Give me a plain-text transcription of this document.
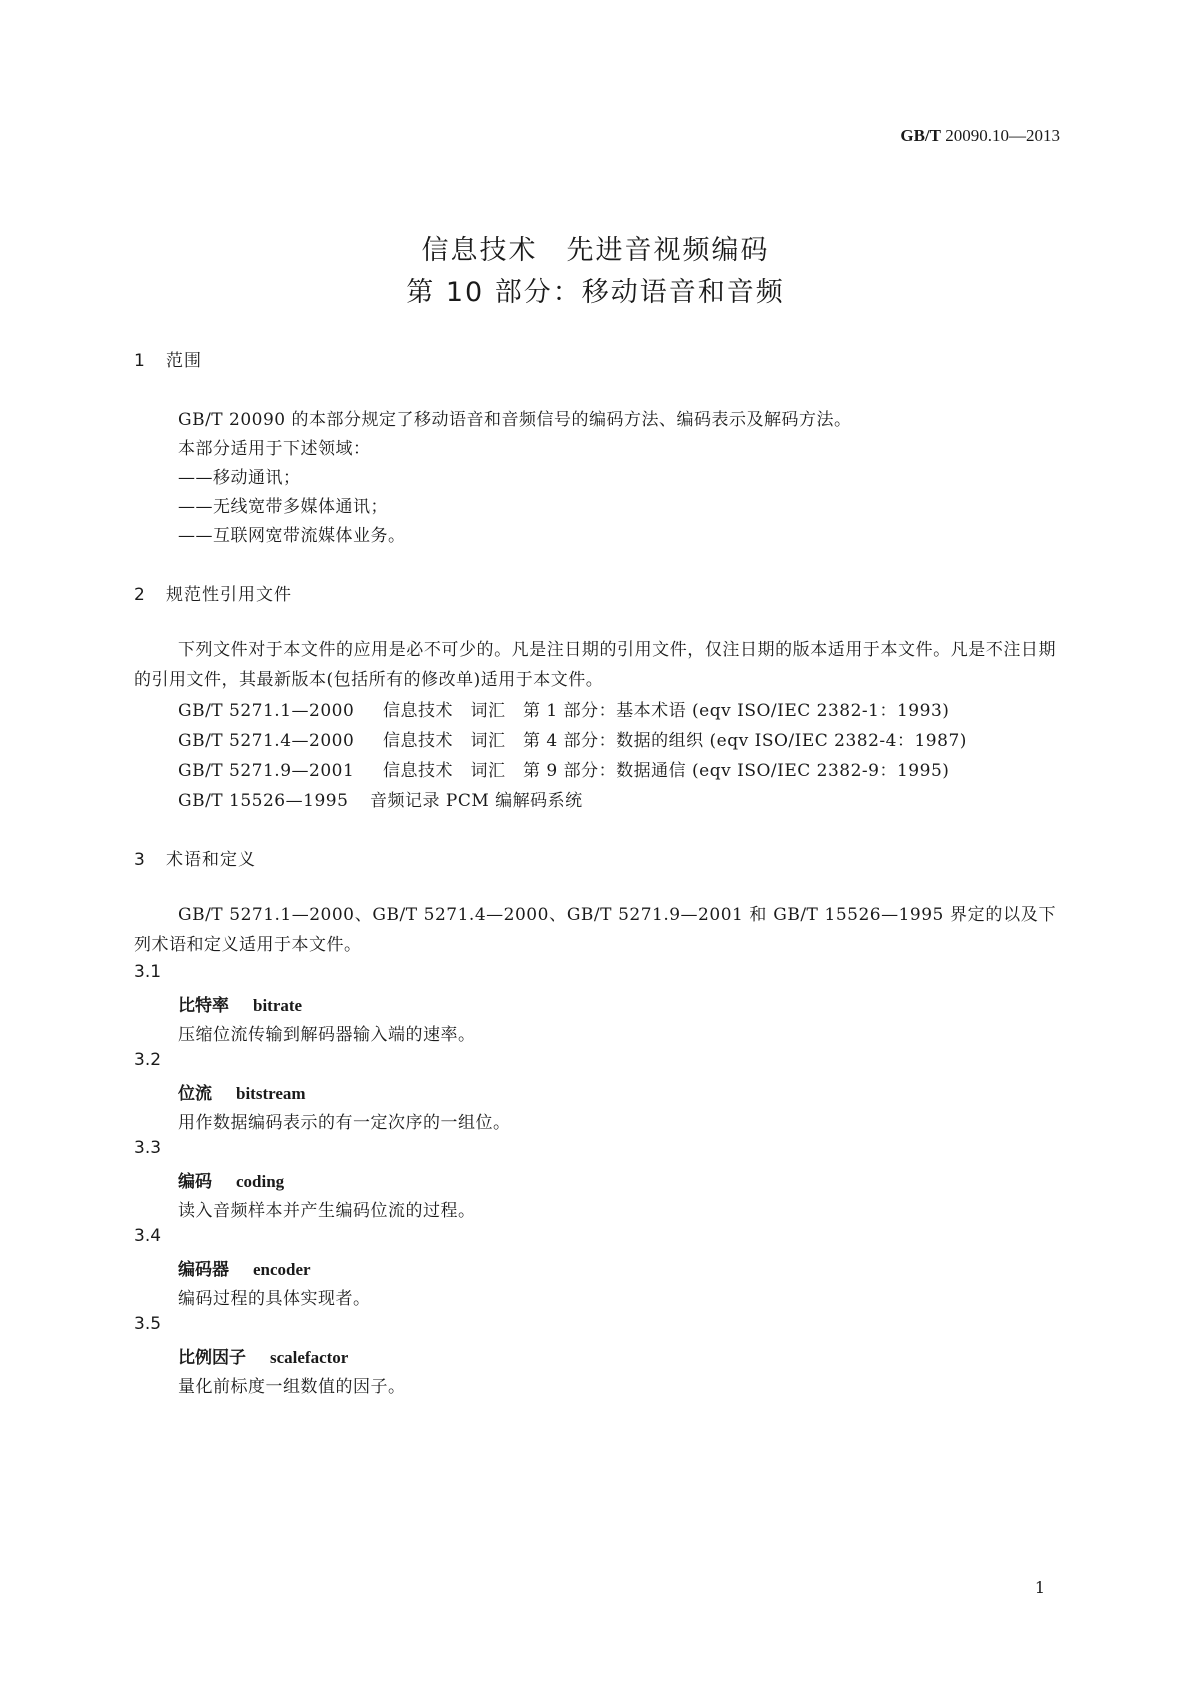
GB/T 20090.10—2013
信息技术　先进音视频编码
第 10 部分：移动语音和音频
1 范围
GB/T 20090 的本部分规定了移动语音和音频信号的编码方法、编码表示及解码方法。
本部分适用于下述领域：
——移动通讯；
——无线宽带多媒体通讯；
——互联网宽带流媒体业务。
2 规范性引用文件
下列文件对于本文件的应用是必不可少的。凡是注日期的引用文件，仅注日期的版本适用于本文件。凡是不注日期的引用文件，其最新版本(包括所有的修改单)适用于本文件。
GB/T 5271.1—2000 信息技术　词汇　第 1 部分：基本术语 (eqv ISO/IEC 2382-1：1993)
GB/T 5271.4—2000 信息技术　词汇　第 4 部分：数据的组织 (eqv ISO/IEC 2382-4：1987)
GB/T 5271.9—2001 信息技术　词汇　第 9 部分：数据通信 (eqv ISO/IEC 2382-9：1995)
GB/T 15526—1995 音频记录 PCM 编解码系统
3 术语和定义
GB/T 5271.1—2000、GB/T 5271.4—2000、GB/T 5271.9—2001 和 GB/T 15526—1995 界定的以及下列术语和定义适用于本文件。
3.1
比特率 bitrate
压缩位流传输到解码器输入端的速率。
3.2
位流 bitstream
用作数据编码表示的有一定次序的一组位。
3.3
编码 coding
读入音频样本并产生编码位流的过程。
3.4
编码器 encoder
编码过程的具体实现者。
3.5
比例因子 scalefactor
量化前标度一组数值的因子。
1
